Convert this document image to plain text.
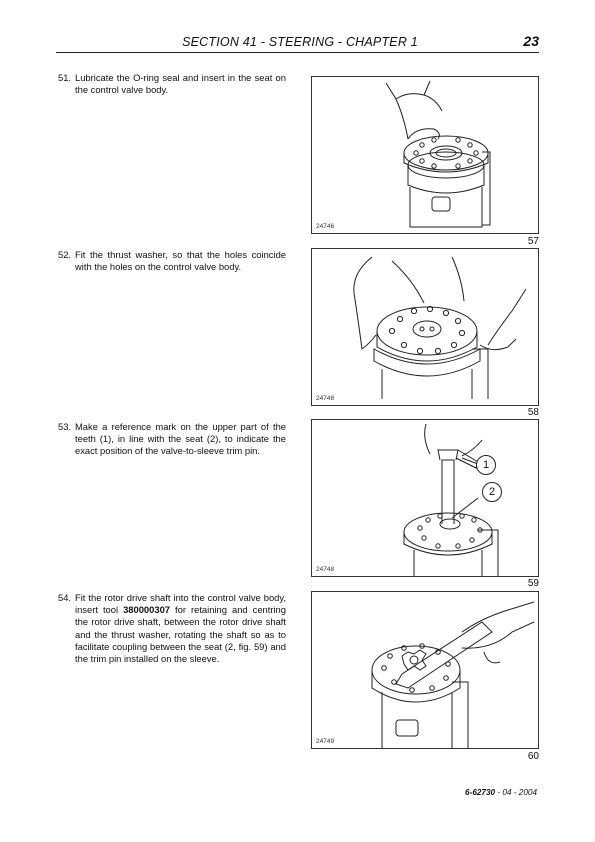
SECTION 41 - STEERING - CHAPTER 1	23
51. Lubricate the O-ring seal and insert in the seat on the control valve body.
52. Fit the thrust washer, so that the holes coincide with the holes on the control valve body.
53. Make a reference mark on the upper part of the teeth (1), in line with the seat (2), to indicate the exact position of the valve-to-sleeve trim pin.
54. Fit the rotor drive shaft into the control valve body, insert tool 380000307 for retaining and centring the rotor drive shaft, between the rotor drive shaft and the thrust washer, rotating the shaft so as to facilitate coupling between the seat (2, fig. 59) and the trim pin installed on the sleeve.
24746
57
24748
58
1
2
24748
59
24749
60
6-62730 - 04 - 2004
